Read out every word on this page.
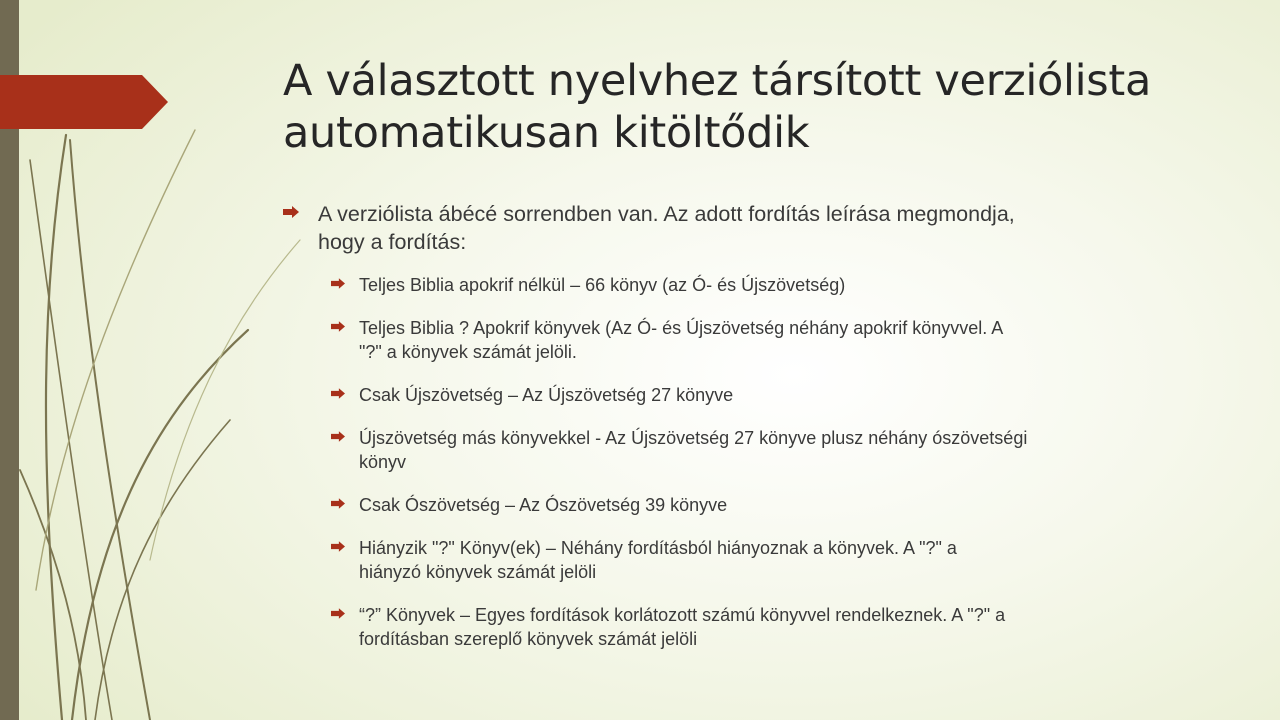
A választott nyelvhez társított verziólista
automatikusan kitöltődik
A verziólista ábécé sorrendben van. Az adott fordítás leírása megmondja,
hogy a fordítás:
Teljes Biblia apokrif nélkül – 66 könyv (az Ó- és Újszövetség)
Teljes Biblia ? Apokrif könyvek (Az Ó- és Újszövetség néhány apokrif könyvvel. A
"?" a könyvek számát jelöli.
Csak Újszövetség – Az Újszövetség 27 könyve
Újszövetség más könyvekkel - Az Újszövetség 27 könyve plusz néhány ószövetségi
könyv
Csak Ószövetség – Az Ószövetség 39 könyve
Hiányzik "?" Könyv(ek) – Néhány fordításból hiányoznak a könyvek. A "?" a
hiányzó könyvek számát jelöli
“?” Könyvek – Egyes fordítások korlátozott számú könyvvel rendelkeznek. A "?" a
fordításban szereplő könyvek számát jelöli
